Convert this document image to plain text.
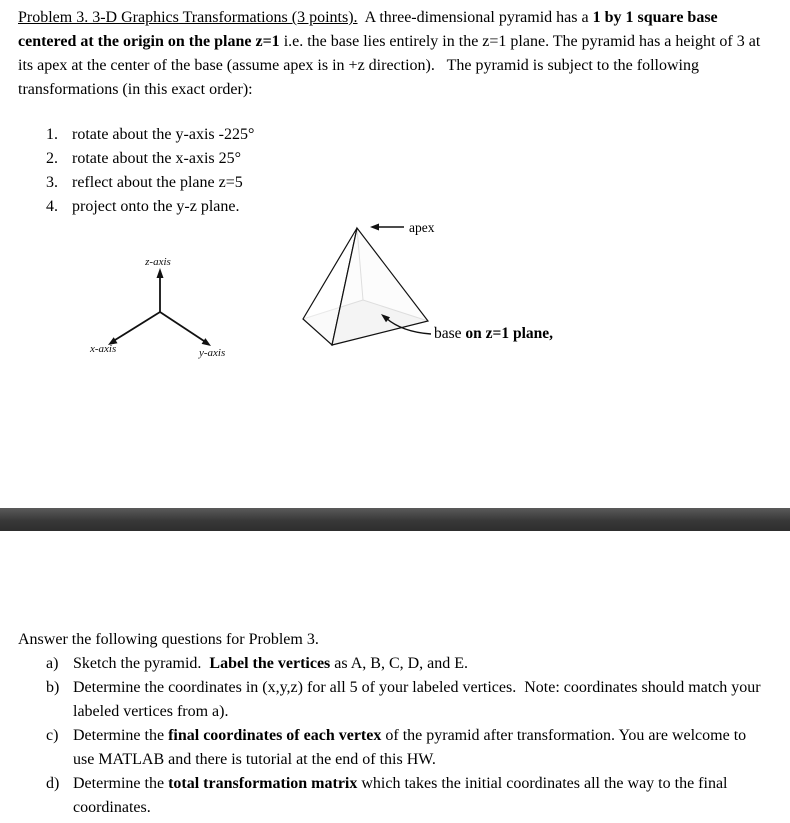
Problem 3. 3-D Graphics Transformations (3 points).  A three-dimensional pyramid has a 1 by 1 square base centered at the origin on the plane z=1 i.e. the base lies entirely in the z=1 plane. The pyramid has a height of 3 at its apex at the center of the base (assume apex is in +z direction).   The pyramid is subject to the following transformations (in this exact order):

1. rotate about the y-axis -225°
2. rotate about the x-axis 25°
3. reflect about the plane z=5
4. project onto the y-z plane.
z-axis
x-axis	y-axis
apex
base on z=1 plane,

Answer the following questions for Problem 3.

a) Sketch the pyramid.  Label the vertices as A, B, C, D, and E.
b) Determine the coordinates in (x,y,z) for all 5 of your labeled vertices.  Note: coordinates should match your labeled vertices from a).
c) Determine the final coordinates of each vertex of the pyramid after transformation. You are welcome to use MATLAB and there is tutorial at the end of this HW.
d) Determine the total transformation matrix which takes the initial coordinates all the way to the final coordinates.
